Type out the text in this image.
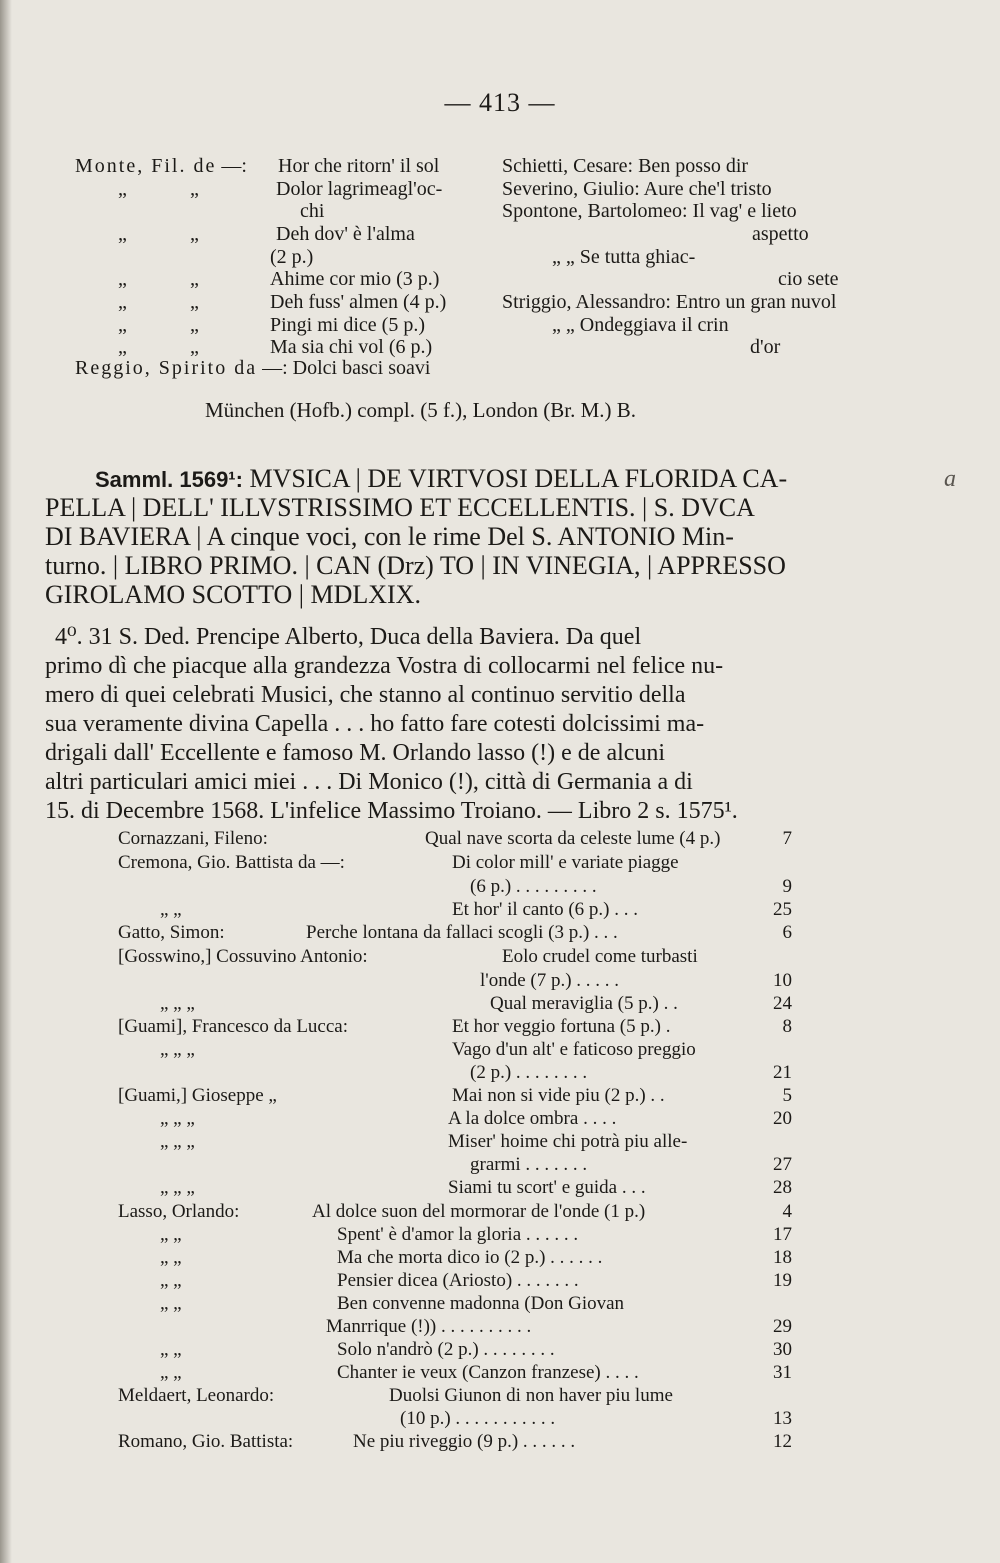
— 413 —
Monte, Fil. de —: Hor che ritorn' il sol
„	„	Dolor lagrimeagl'oc-
chi
„	„	Deh dov' è l'alma
(2 p.)
„	„	Ahime cor mio (3 p.)
„	„	Deh fuss' almen (4 p.)
„	„	Pingi mi dice (5 p.)
„	„	Ma sia chi vol (6 p.)
Reggio, Spirito da —: Dolci basci soavi
Schietti, Cesare: Ben posso dir
Severino, Giulio: Aure che'l tristo
Spontone, Bartolomeo: Il vag' e lieto
aspetto
„ „ Se tutta ghiac-
cio sete
Striggio, Alessandro: Entro un gran nuvol
„ „ Ondeggiava il crin
d'or
München (Hofb.) compl. (5 f.), London (Br. M.) B.
a
Samml. 1569¹: MVSICA | DE VIRTVOSI DELLA FLORIDA CA-
PELLA | DELL' ILLVSTRISSIMO ET ECCELLENTIS. | S. DVCA
DI BAVIERA | A cinque voci, con le rime Del S. ANTONIO Min-
turno. | LIBRO PRIMO. | CAN (Drz) TO | IN VINEGIA, | APPRESSO
GIROLAMO SCOTTO | MDLXIX.
4⁰. 31 S. Ded. Prencipe Alberto, Duca della Baviera. Da quel
primo dì che piacque alla grandezza Vostra di collocarmi nel felice nu-
mero di quei celebrati Musici, che stanno al continuo servitio della
sua veramente divina Capella . . . ho fatto fare cotesti dolcissimi ma-
drigali dall' Eccellente e famoso M. Orlando lasso (!) e de alcuni
altri particulari amici miei . . . Di Monico (!), città di Germania a di
15. di Decembre 1568. L'infelice Massimo Troiano. — Libro 2 s. 1575¹.
Cornazzani, Fileno:	Qual nave scorta da celeste lume (4 p.)	7
Cremona, Gio. Battista da —:	Di color mill' e variate piagge
(6 p.) . . . . . . . . .	9
„ „	Et hor' il canto (6 p.) . . .	25
Gatto, Simon:	Perche lontana da fallaci scogli (3 p.) . . .	6
[Gosswino,] Cossuvino Antonio:	Eolo crudel come turbasti
l'onde (7 p.) . . . . .	10
„ „ „	Qual meraviglia (5 p.) . .	24
[Guami], Francesco da Lucca:	Et hor veggio fortuna (5 p.) .	8
„ „ „	Vago d'un alt' e faticoso preggio
(2 p.) . . . . . . . .	21
[Guami,] Gioseppe „	Mai non si vide piu (2 p.) . .	5
„ „ „	A la dolce ombra . . . .	20
„ „ „	Miser' hoime chi potrà piu alle-
grarmi . . . . . . .	27
„ „ „	Siami tu scort' e guida . . .	28
Lasso, Orlando:	Al dolce suon del mormorar de l'onde (1 p.)	4
„ „	Spent' è d'amor la gloria . . . . . .	17
„ „	Ma che morta dico io (2 p.) . . . . . .	18
„ „	Pensier dicea (Ariosto) . . . . . . .	19
„ „	Ben convenne madonna (Don Giovan
Manrrique (!)) . . . . . . . . . .	29
„ „	Solo n'andrò (2 p.) . . . . . . . .	30
„ „	Chanter ie veux (Canzon franzese) . . . .	31
Meldaert, Leonardo:	Duolsi Giunon di non haver piu lume
(10 p.) . . . . . . . . . . .	13
Romano, Gio. Battista:	Ne piu riveggio (9 p.) . . . . . .	12
